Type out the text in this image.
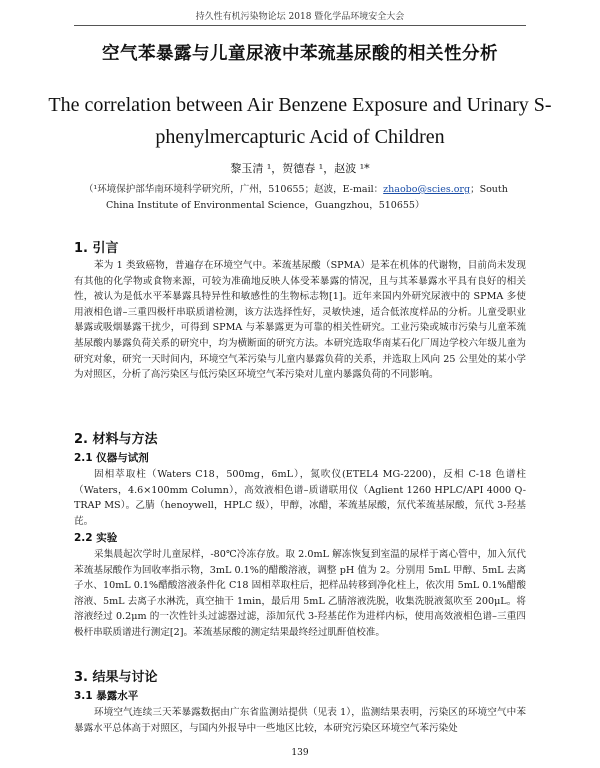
持久性有机污染物论坛 2018 暨化学品环境安全大会
空气苯暴露与儿童尿液中苯巯基尿酸的相关性分析
The correlation between Air Benzene Exposure and Urinary S-phenylmercapturic Acid of Children
黎玉清 ¹，贺德春 ¹，赵波 ¹*
（¹环境保护部华南环境科学研究所，广州，510655；赵波，E-mail：zhaobo@scies.org；South
China Institute of Environmental Science，Guangzhou，510655）
1. 引言

苯为 1 类致癌物，普遍存在环境空气中。苯巯基尿酸（SPMA）是苯在机体的代谢物，目前尚未发现有其他的化学物或食物来源，可较为准确地反映人体受苯暴露的情况，且与其苯暴露水平具有良好的相关性，被认为是低水平苯暴露具特异性和敏感性的生物标志物[1]。近年来国内外研究尿液中的 SPMA 多使用液相色谱–三重四极杆串联质谱检测，该方法选择性好，灵敏快速，适合低浓度样品的分析。儿童受职业暴露或吸烟暴露干扰少，可得到 SPMA 与苯暴露更为可靠的相关性研究。工业污染或城市污染与儿童苯巯基尿酸内暴露负荷关系的研究中，均为横断面的研究方法。本研究选取华南某石化厂周边学校六年级儿童为研究对象，研究一天时间内，环境空气苯污染与儿童内暴露负荷的关系，并选取上风向 25 公里处的某小学为对照区，分析了高污染区与低污染区环境空气苯污染对儿童内暴露负荷的不同影响。

2. 材料与方法
2.1 仪器与试剂

固相萃取柱（Waters C18，500mg，6mL），氮吹仪(ETEL4 MG-2200)，反相 C-18 色谱柱（Waters，4.6×100mm Column），高效液相色谱–质谱联用仪（Aglient 1260 HPLC/API 4000 Q-TRAP MS）。乙腈（henoywell，HPLC 级），甲醇，冰醋，苯巯基尿酸，氘代苯巯基尿酸，氘代 3-羟基芘。

2.2 实验

采集晨起次学时儿童尿样，-80℃冷冻存放。取 2.0mL 解冻恢复到室温的尿样于离心管中，加入氘代苯巯基尿酸作为回收率指示物，3mL 0.1%的醋酸溶液，调整 pH 值为 2。分别用 5mL 甲醇、5mL 去离子水、10mL 0.1%醋酸溶液条件化 C18 固相萃取柱后，把样品转移到净化柱上，依次用 5mL 0.1%醋酸溶液、5mL 去离子水淋洗，真空抽干 1min，最后用 5mL 乙腈溶液洗脱，收集洗脱液氮吹至 200μL。将溶液经过 0.2μm 的一次性针头过滤器过滤，添加氘代 3-羟基芘作为进样内标，使用高效液相色谱–三重四极杆串联质谱进行测定[2]。苯巯基尿酸的测定结果最终经过肌酐值校准。

3. 结果与讨论
3.1 暴露水平

环境空气连续三天苯暴露数据由广东省监测站提供（见表 1），监测结果表明，污染区的环境空气中苯暴露水平总体高于对照区，与国内外报导中一些地区比较，本研究污染区环境空气苯污染处

139
